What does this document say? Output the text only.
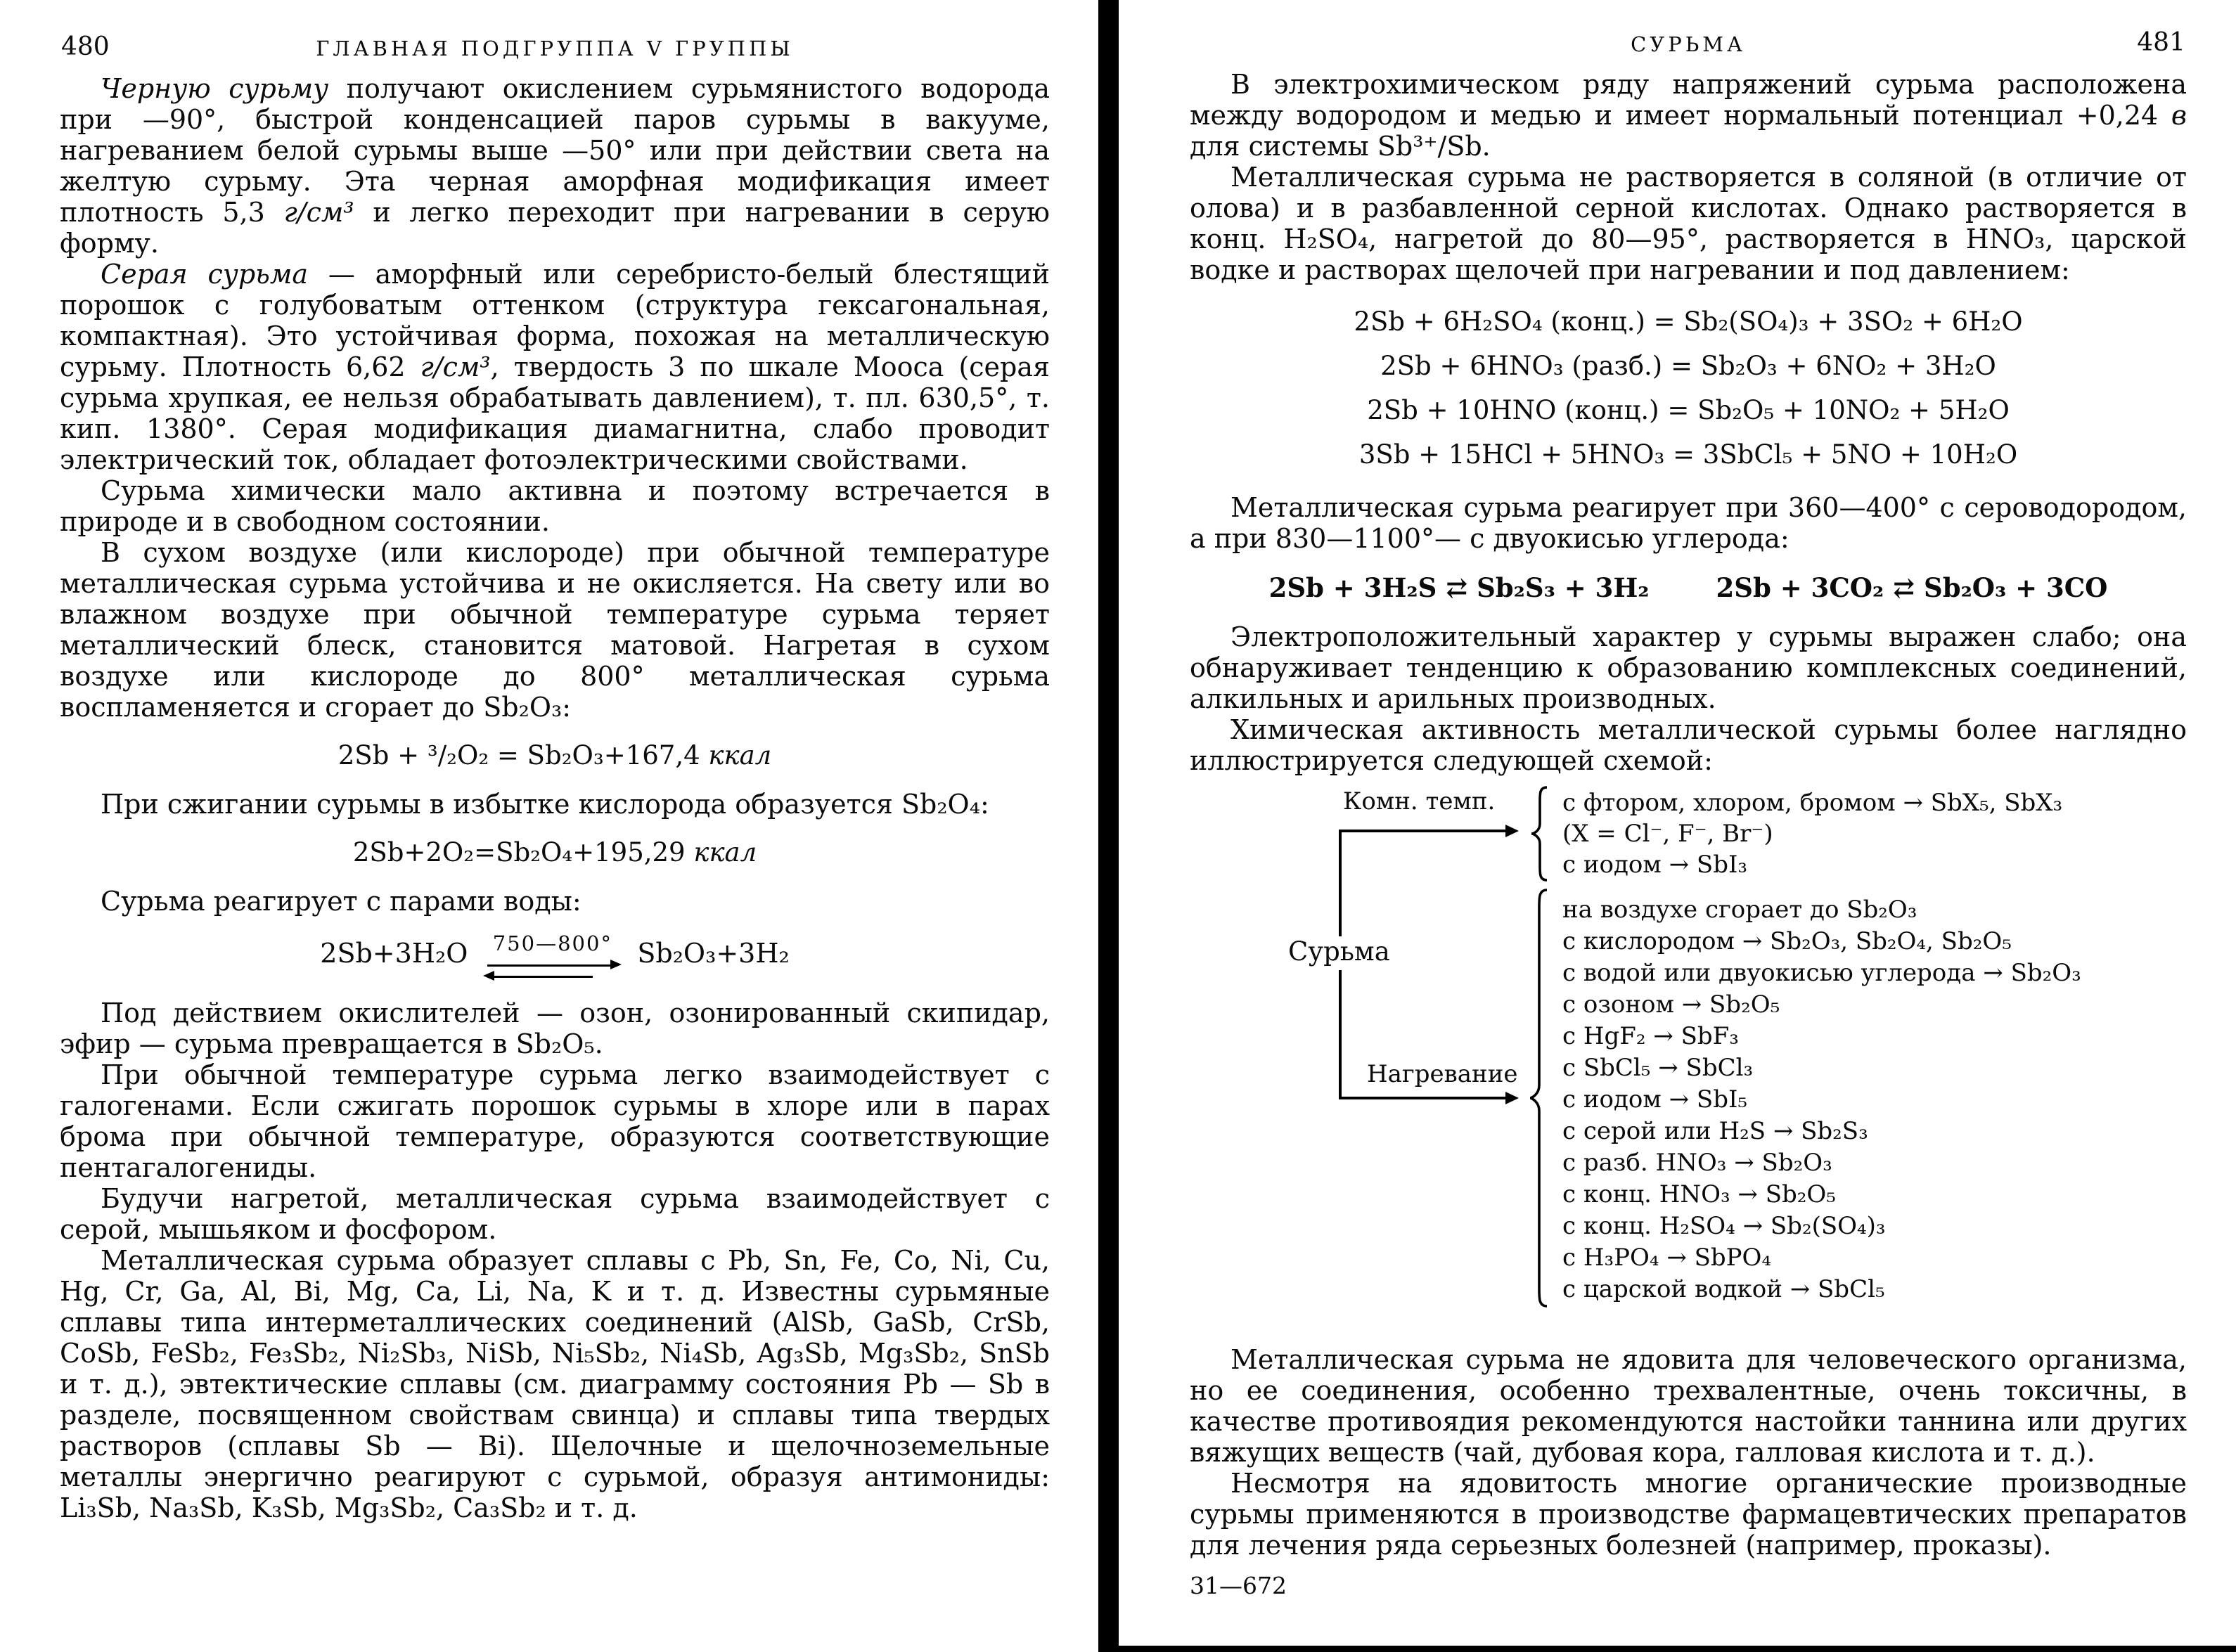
480	ГЛАВНАЯ ПОДГРУППА V ГРУППЫ

Черную сурьму получают окислением сурьмянистого водорода при —90°, быстрой конденсацией паров сурьмы в вакууме, нагреванием белой сурьмы выше —50° или при действии света на желтую сурьму. Эта черная аморфная модификация имеет плотность 5,3 г/см³ и легко переходит при нагревании в серую форму.

Серая сурьма — аморфный или серебристо-белый блестящий порошок с голубоватым оттенком (структура гексагональная, компактная). Это устойчивая форма, похожая на металлическую сурьму. Плотность 6,62 г/см³, твердость 3 по шкале Мооса (серая сурьма хрупкая, ее нельзя обрабатывать давлением), т. пл. 630,5°, т. кип. 1380°. Серая модификация диамагнитна, слабо проводит электрический ток, обладает фотоэлектрическими свойствами.

Сурьма химически мало активна и поэтому встречается в природе и в свободном состоянии.

В сухом воздухе (или кислороде) при обычной температуре металлическая сурьма устойчива и не окисляется. На свету или во влажном воздухе при обычной температуре сурьма теряет металлический блеск, становится матовой. Нагретая в сухом воздухе или кислороде до 800° металлическая сурьма воспламеняется и сгорает до Sb₂O₃:

2Sb + ³/₂O₂ = Sb₂O₃+167,4 ккал

При сжигании сурьмы в избытке кислорода образуется Sb₂O₄:

2Sb+2O₂=Sb₂O₄+195,29 ккал

Сурьма реагирует с парами воды:

2Sb+3H₂O 750—800° Sb₂O₃+3H₂

Под действием окислителей — озон, озонированный скипидар, эфир — сурьма превращается в Sb₂O₅.

При обычной температуре сурьма легко взаимодействует с галогенами. Если сжигать порошок сурьмы в хлоре или в парах брома при обычной температуре, образуются соответствующие пентагалогениды.

Будучи нагретой, металлическая сурьма взаимодействует с серой, мышьяком и фосфором.

Металлическая сурьма образует сплавы с Pb, Sn, Fe, Co, Ni, Cu, Hg, Cr, Ga, Al, Bi, Mg, Ca, Li, Na, K и т. д. Известны сурьмяные сплавы типа интерметаллических соединений (AlSb, GaSb, CrSb, CoSb, FeSb₂, Fe₃Sb₂, Ni₂Sb₃, NiSb, Ni₅Sb₂, Ni₄Sb, Ag₃Sb, Mg₃Sb₂, SnSb и т. д.), эвтектические сплавы (см. диаграмму состояния Pb — Sb в разделе, посвященном свойствам свинца) и сплавы типа твердых растворов (сплавы Sb — Bi). Щелочные и щелочноземельные металлы энергично реагируют с сурьмой, образуя антимониды: Li₃Sb, Na₃Sb, K₃Sb, Mg₃Sb₂, Ca₃Sb₂ и т. д.

СУРЬМА	481

В электрохимическом ряду напряжений сурьма расположена между водородом и медью и имеет нормальный потенциал +0,24 в для системы Sb³⁺/Sb.

Металлическая сурьма не растворяется в соляной (в отличие от олова) и в разбавленной серной кислотах. Однако растворяется в конц. H₂SO₄, нагретой до 80—95°, растворяется в HNO₃, царской водке и растворах щелочей при нагревании и под давлением:

2Sb + 6H₂SO₄ (конц.) = Sb₂(SO₄)₃ + 3SO₂ + 6H₂O
2Sb + 6HNO₃ (разб.) = Sb₂O₃ + 6NO₂ + 3H₂O
2Sb + 10HNO (конц.) = Sb₂O₅ + 10NO₂ + 5H₂O
3Sb + 15HCl + 5HNO₃ = 3SbCl₅ + 5NO + 10H₂O

Металлическая сурьма реагирует при 360—400° с сероводородом, а при 830—1100°— с двуокисью углерода:

2Sb + 3H₂S ⇄ Sb₂S₃ + 3H₂	2Sb + 3CO₂ ⇄ Sb₂O₃ + 3CO

Электроположительный характер у сурьмы выражен слабо; она обнаруживает тенденцию к образованию комплексных соединений, алкильных и арильных производных.

Химическая активность металлической сурьмы более наглядно иллюстрируется следующей схемой:

Комн. темп.
Сурьма
Нагревание
с фтором, хлором, бромом → SbX₅, SbX₃
(X = Cl⁻, F⁻, Br⁻)
с иодом → SbI₃
на воздухе сгорает до Sb₂O₃
с кислородом → Sb₂O₃, Sb₂O₄, Sb₂O₅
с водой или двуокисью углерода → Sb₂O₃
с озоном → Sb₂O₅
с HgF₂ → SbF₃
с SbCl₅ → SbCl₃
с иодом → SbI₅
с серой или H₂S → Sb₂S₃
с разб. HNO₃ → Sb₂O₃
с конц. HNO₃ → Sb₂O₅
с конц. H₂SO₄ → Sb₂(SO₄)₃
с H₃PO₄ → SbPO₄
с царской водкой → SbCl₅

Металлическая сурьма не ядовита для человеческого организма, но ее соединения, особенно трехвалентные, очень токсичны, в качестве противоядия рекомендуются настойки таннина или других вяжущих веществ (чай, дубовая кора, галловая кислота и т. д.).

Несмотря на ядовитость многие органические производные сурьмы применяются в производстве фармацевтических препаратов для лечения ряда серьезных болезней (например, проказы).

31—672
